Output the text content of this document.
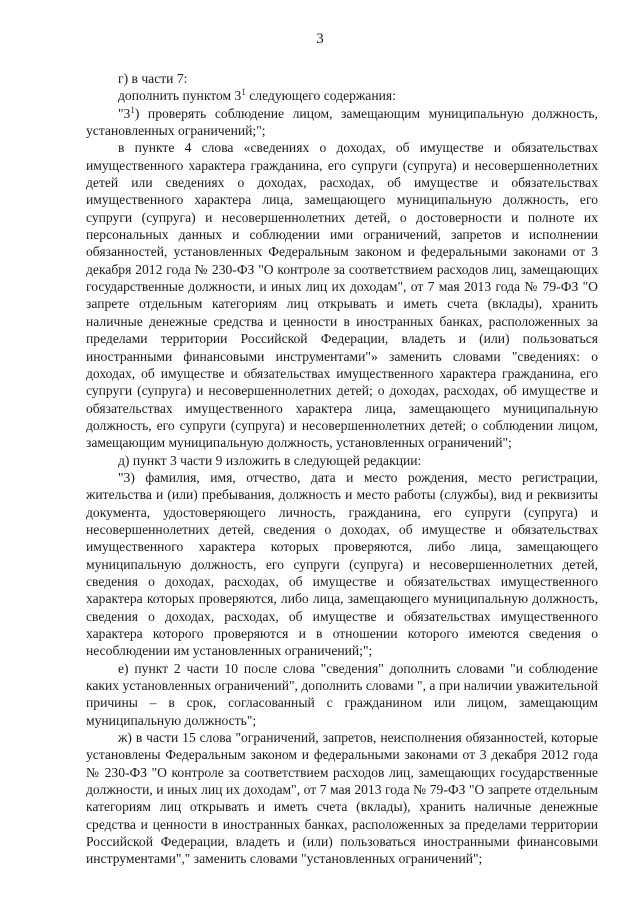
3

г) в части 7:

дополнить пунктом $3^1$ следующего содержания:

"$3^1$) проверять соблюдение лицом, замещающим муниципальную должность, установленных ограничений;";

в пункте 4 слова «сведениях о доходах, об имуществе и обязательствах имущественного характера гражданина, его супруги (супруга) и несовершеннолетних детей или сведениях о доходах, расходах, об имуществе и обязательствах имущественного характера лица, замещающего муниципальную должность, его супруги (супруга) и несовершеннолетних детей, о достоверности и полноте их персональных данных и соблюдении ими ограничений, запретов и исполнении обязанностей, установленных Федеральным законом и федеральными законами от 3 декабря 2012 года № 230-ФЗ "О контроле за соответствием расходов лиц, замещающих государственные должности, и иных лиц их доходам", от 7 мая 2013 года № 79-ФЗ "О запрете отдельным категориям лиц открывать и иметь счета (вклады), хранить наличные денежные средства и ценности в иностранных банках, расположенных за пределами территории Российской Федерации, владеть и (или) пользоваться иностранными финансовыми инструментами"» заменить словами "сведениях: о доходах, об имуществе и обязательствах имущественного характера гражданина, его супруги (супруга) и несовершеннолетних детей; о доходах, расходах, об имуществе и обязательствах имущественного характера лица, замещающего муниципальную должность, его супруги (супруга) и несовершеннолетних детей; о соблюдении лицом, замещающим муниципальную должность, установленных ограничений";

д) пункт 3 части 9 изложить в следующей редакции:

"3) фамилия, имя, отчество, дата и место рождения, место регистрации, жительства и (или) пребывания, должность и место работы (службы), вид и реквизиты документа, удостоверяющего личность, гражданина, его супруги (супруга) и несовершеннолетних детей, сведения о доходах, об имуществе и обязательствах имущественного характера которых проверяются, либо лица, замещающего муниципальную должность, его супруги (супруга) и несовершеннолетних детей, сведения о доходах, расходах, об имуществе и обязательствах имущественного характера которых проверяются, либо лица, замещающего муниципальную должность, сведения о доходах, расходах, об имуществе и обязательствах имущественного характера которого проверяются и в отношении которого имеются сведения о несоблюдении им установленных ограничений;";

е) пункт 2 части 10 после слова "сведения" дополнить словами "и соблюдение каких установленных ограничений", дополнить словами ", а при наличии уважительной причины – в срок, согласованный с гражданином или лицом, замещающим муниципальную должность";

ж) в части 15 слова "ограничений, запретов, неисполнения обязанностей, которые установлены Федеральным законом и федеральными законами от 3 декабря 2012 года № 230-ФЗ "О контроле за соответствием расходов лиц, замещающих государственные должности, и иных лиц их доходам", от 7 мая 2013 года № 79-ФЗ "О запрете отдельным категориям лиц открывать и иметь счета (вклады), хранить наличные денежные средства и ценности в иностранных банках, расположенных за пределами территории Российской Федерации, владеть и (или) пользоваться иностранными финансовыми инструментами"," заменить словами "установленных ограничений";
